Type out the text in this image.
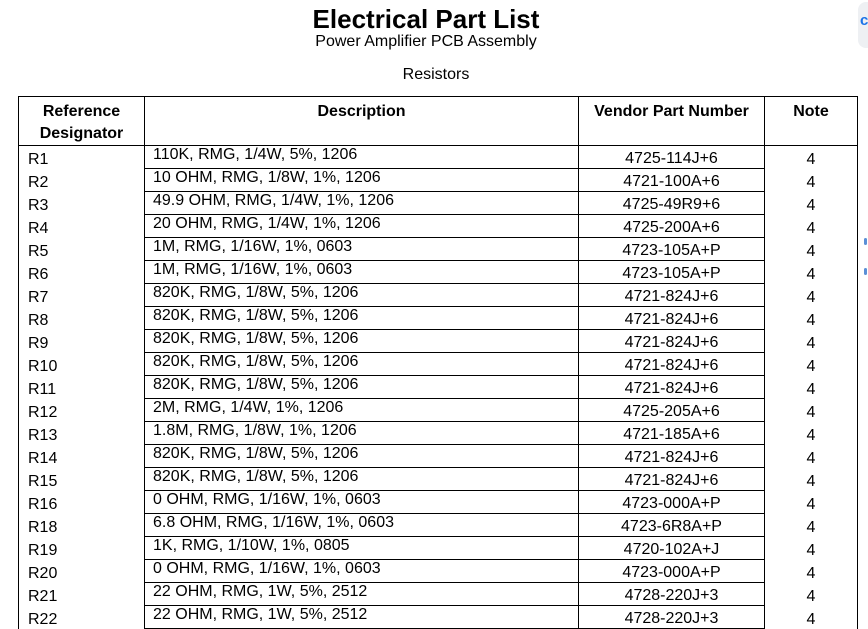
Electrical Part List
Power Amplifier PCB Assembly
Resistors
c
Reference Designator	Description	Vendor Part Number	Note
R1	110K, RMG, 1/4W, 5%, 1206	4725-114J+6	4
R2	10 OHM, RMG, 1/8W, 1%, 1206	4721-100A+6	4
R3	49.9 OHM, RMG, 1/4W, 1%, 1206	4725-49R9+6	4
R4	20 OHM, RMG, 1/4W, 1%, 1206	4725-200A+6	4
R5	1M, RMG, 1/16W, 1%, 0603	4723-105A+P	4
R6	1M, RMG, 1/16W, 1%, 0603	4723-105A+P	4
R7	820K, RMG, 1/8W, 5%, 1206	4721-824J+6	4
R8	820K, RMG, 1/8W, 5%, 1206	4721-824J+6	4
R9	820K, RMG, 1/8W, 5%, 1206	4721-824J+6	4
R10	820K, RMG, 1/8W, 5%, 1206	4721-824J+6	4
R11	820K, RMG, 1/8W, 5%, 1206	4721-824J+6	4
R12	2M, RMG, 1/4W, 1%, 1206	4725-205A+6	4
R13	1.8M, RMG, 1/8W, 1%, 1206	4721-185A+6	4
R14	820K, RMG, 1/8W, 5%, 1206	4721-824J+6	4
R15	820K, RMG, 1/8W, 5%, 1206	4721-824J+6	4
R16	0 OHM, RMG, 1/16W, 1%, 0603	4723-000A+P	4
R18	6.8 OHM, RMG, 1/16W, 1%, 0603	4723-6R8A+P	4
R19	1K, RMG, 1/10W, 1%, 0805	4720-102A+J	4
R20	0 OHM, RMG, 1/16W, 1%, 0603	4723-000A+P	4
R21	22 OHM, RMG, 1W, 5%, 2512	4728-220J+3	4
R22	22 OHM, RMG, 1W, 5%, 2512	4728-220J+3	4
